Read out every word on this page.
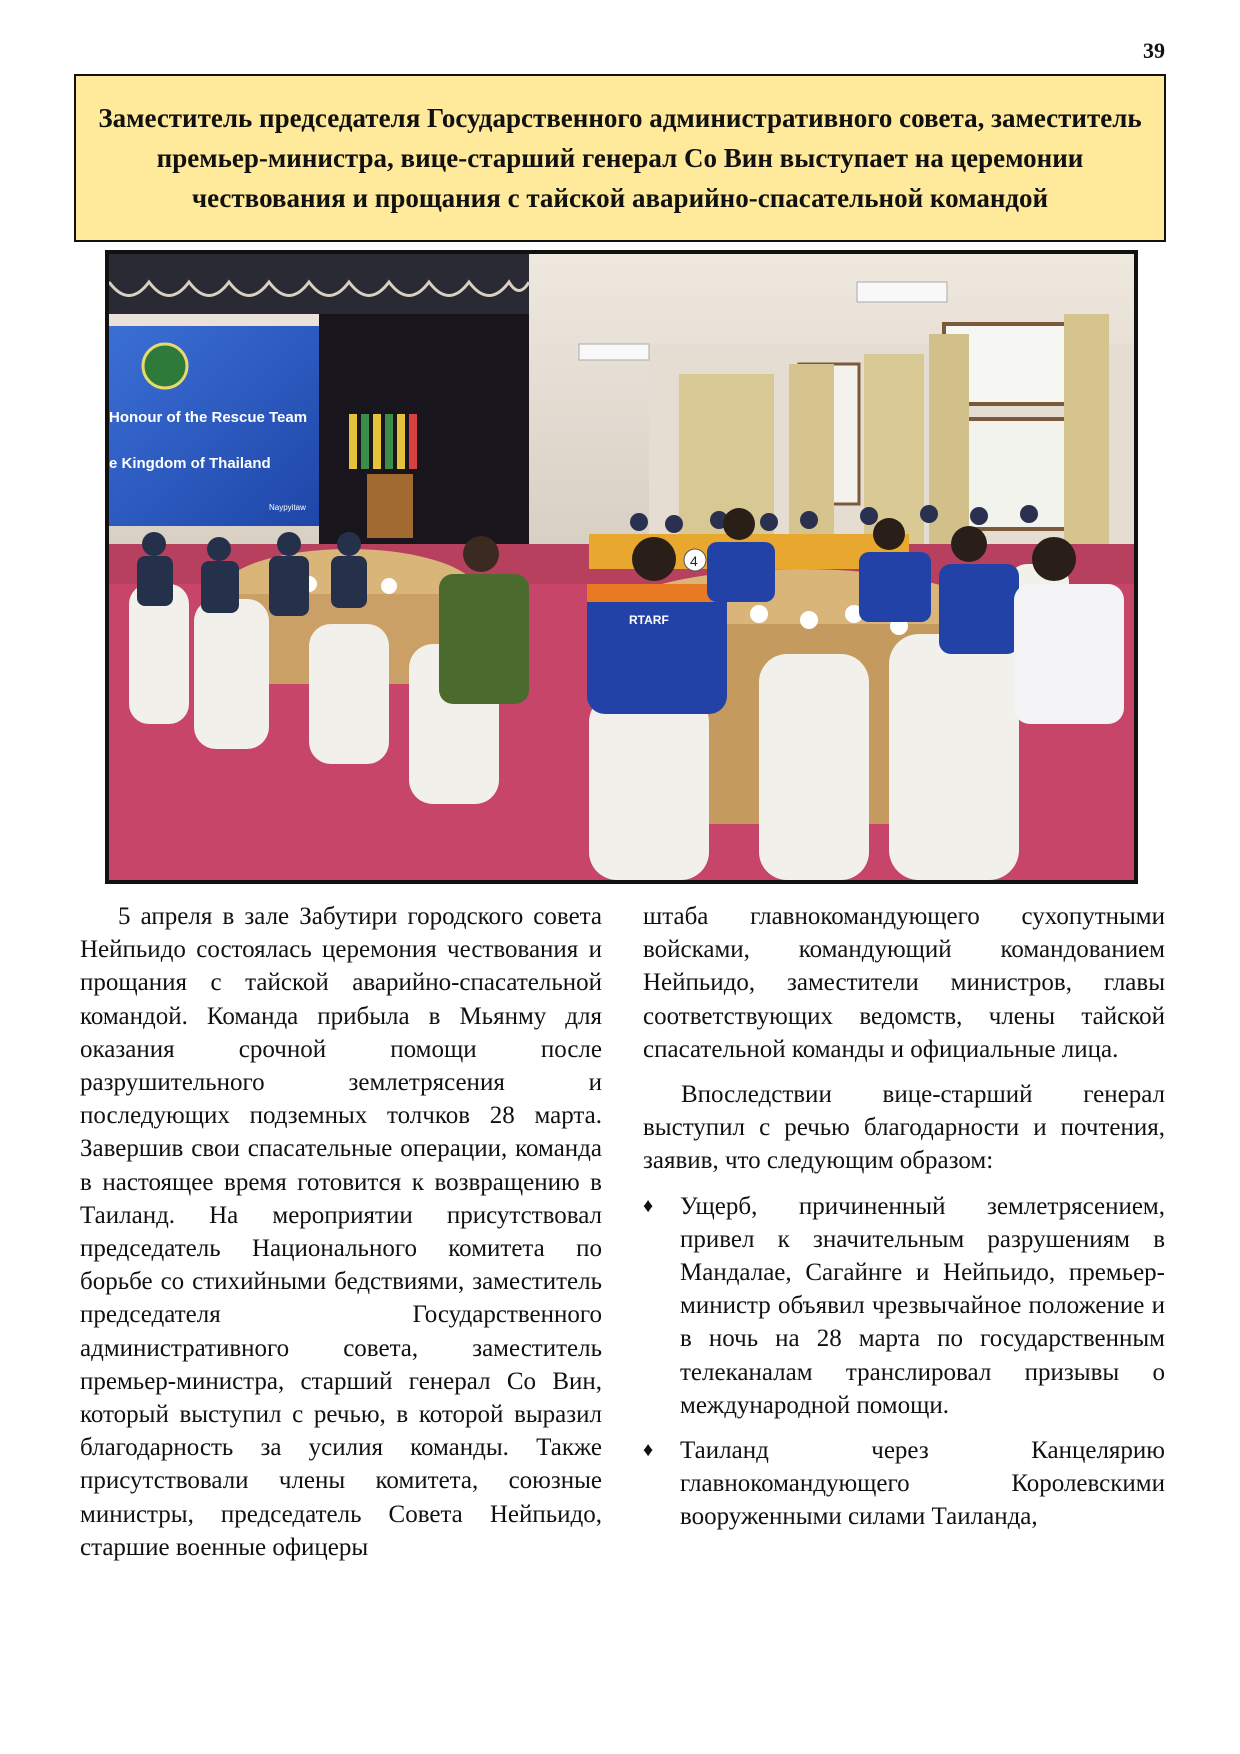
39
Заместитель председателя Государственного административного совета, заместитель премьер-министра, вице-старший генерал Со Вин выступает на церемонии чествования и прощания с тайской аварийно-спасательной командой
Honour of the Rescue Team
e Kingdom of Thailand
Naypyitaw
RTARF
4

5 апреля в зале Забутири городского совета Нейпьидо состоялась церемония чествования и прощания с тайской аварийно-спасательной командой. Команда прибыла в Мьянму для оказания срочной помощи после разрушительного землетрясения и последующих подземных толчков 28 марта. Завершив свои спасательные операции, команда в настоящее время готовится к возвращению в Таиланд. На мероприятии присутствовал председатель Национального комитета по борьбе со стихийными бедствиями, заместитель председателя Государственного административного совета, заместитель премьер-министра, старший генерал Со Вин, который выступил с речью, в которой выразил благодарность за усилия команды. Также присутствовали члены комитета, союзные министры, председатель Совета Нейпьидо, старшие военные офицеры

штаба главнокомандующего сухопутными войсками, командующий командованием Нейпьидо, заместители министров, главы соответствующих ведомств, члены тайской спасательной команды и официальные лица.

Впоследствии вице-старший генерал выступил с речью благодарности и почтения, заявив, что следующим образом:

♦ Ущерб, причиненный землетрясением, привел к значительным разрушениям в Мандалае, Сагайнге и Нейпьидо, премьер-министр объявил чрезвычайное положение и в ночь на 28 марта по государственным телеканалам транслировал призывы о международной помощи.
♦ Таиланд через Канцелярию главнокомандующего Королевскими вооруженными силами Таиланда,
